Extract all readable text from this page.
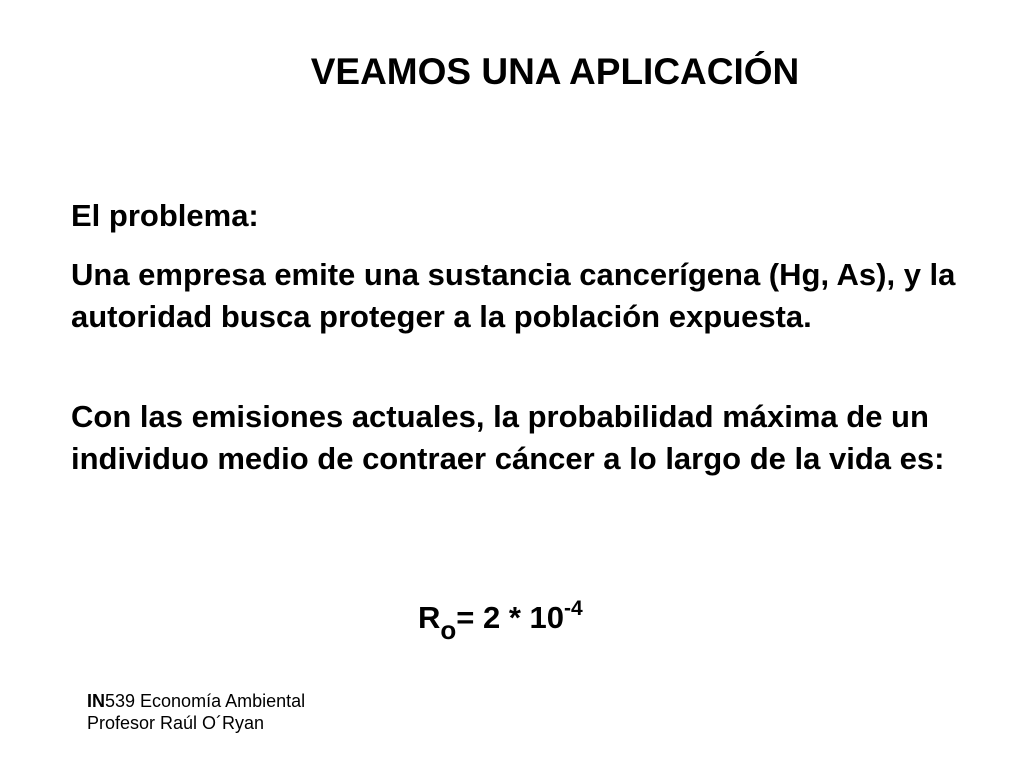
VEAMOS UNA APLICACIÓN

El problema:

Una empresa emite una sustancia cancerígena (Hg, As), y la autoridad busca proteger a la población expuesta.

Con las emisiones actuales, la probabilidad máxima de un individuo medio de contraer cáncer a lo largo de la vida es:

$R_o= 2 * 10^{-4}$
IN539 Economía Ambiental
Profesor Raúl O´Ryan
